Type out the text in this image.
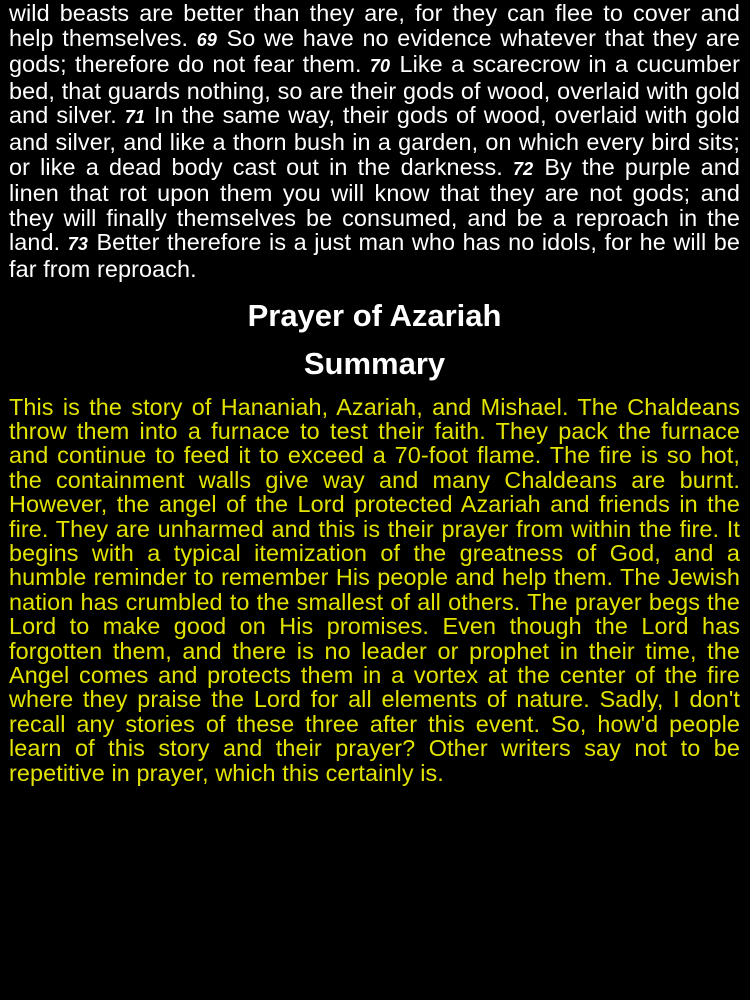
wild beasts are better than they are, for they can flee to cover and help themselves. 69 So we have no evidence whatever that they are gods; therefore do not fear them. 70 Like a scarecrow in a cucumber bed, that guards nothing, so are their gods of wood, overlaid with gold and silver. 71 In the same way, their gods of wood, overlaid with gold and silver, and like a thorn bush in a garden, on which every bird sits; or like a dead body cast out in the darkness. 72 By the purple and linen that rot upon them you will know that they are not gods; and they will finally themselves be consumed, and be a reproach in the land. 73 Better therefore is a just man who has no idols, for he will be far from reproach.

Prayer of Azariah
Summary

This is the story of Hananiah, Azariah, and Mishael. The Chaldeans throw them into a furnace to test their faith. They pack the furnace and continue to feed it to exceed a 70-foot flame. The fire is so hot, the containment walls give way and many Chaldeans are burnt. However, the angel of the Lord protected Azariah and friends in the fire. They are unharmed and this is their prayer from within the fire. It begins with a typical itemization of the greatness of God, and a humble reminder to remember His people and help them. The Jewish nation has crumbled to the smallest of all others. The prayer begs the Lord to make good on His promises. Even though the Lord has forgotten them, and there is no leader or prophet in their time, the Angel comes and protects them in a vortex at the center of the fire where they praise the Lord for all elements of nature. Sadly, I don't recall any stories of these three after this event. So, how'd people learn of this story and their prayer? Other writers say not to be repetitive in prayer, which this certainly is.
